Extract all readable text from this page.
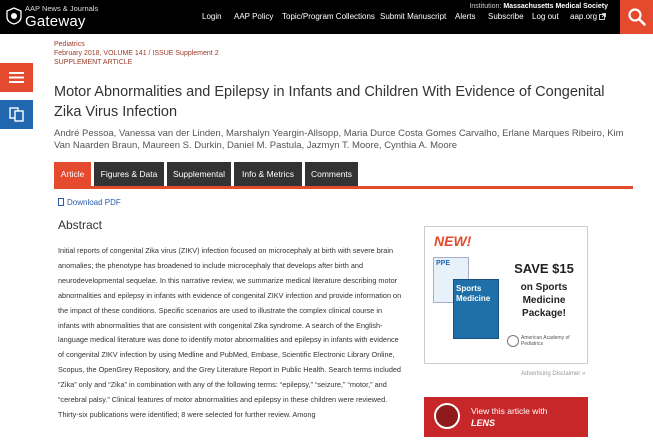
AAP News & Journals
Gateway
Institution: Massachusetts Medical Society
Login AAP Policy Topic/Program Collections Submit Manuscript Alerts Subscribe Log out aap.org
Pediatrics
February 2018, VOLUME 141 / ISSUE Supplement 2
SUPPLEMENT ARTICLE
Motor Abnormalities and Epilepsy in Infants and Children With Evidence of Congenital Zika Virus Infection
André Pessoa, Vanessa van der Linden, Marshalyn Yeargin-Allsopp, Maria Durce Costa Gomes Carvalho, Erlane Marques Ribeiro, Kim Van Naarden Braun, Maureen S. Durkin, Daniel M. Pastula, Jazmyn T. Moore, Cynthia A. Moore
Article	Figures & Data	Supplemental	Info & Metrics	Comments
Download PDF
Abstract
Initial reports of congenital Zika virus (ZIKV) infection focused on microcephaly at birth with severe brain anomalies; the phenotype has broadened to include microcephaly that develops after birth and neurodevelopmental sequelae. In this narrative review, we summarize medical literature describing motor abnormalities and epilepsy in infants with evidence of congenital ZIKV infection and provide information on the impact of these conditions. Specific scenarios are used to illustrate the complex clinical course in infants with abnormalities that are consistent with congenital Zika syndrome. A search of the English-language medical literature was done to identify motor abnormalities and epilepsy in infants with evidence of congenital ZIKV infection by using Medline and PubMed, Embase, Scientific Electronic Library Online, Scopus, the OpenGrey Repository, and the Grey Literature Report in Public Health. Search terms included “Zika” only and “Zika” in combination with any of the following terms: “epilepsy,” “seizure,” “motor,” and “cerebral palsy.” Clinical features of motor abnormalities and epilepsy in these children were reviewed. Thirty-six publications were identified; 8 were selected for further review. Among
NEW!
PPE
Sports Medicine
SAVE $15
on Sports Medicine Package!
American Academy of Pediatrics
Advertising Disclaimer »
View this article with
LENS
